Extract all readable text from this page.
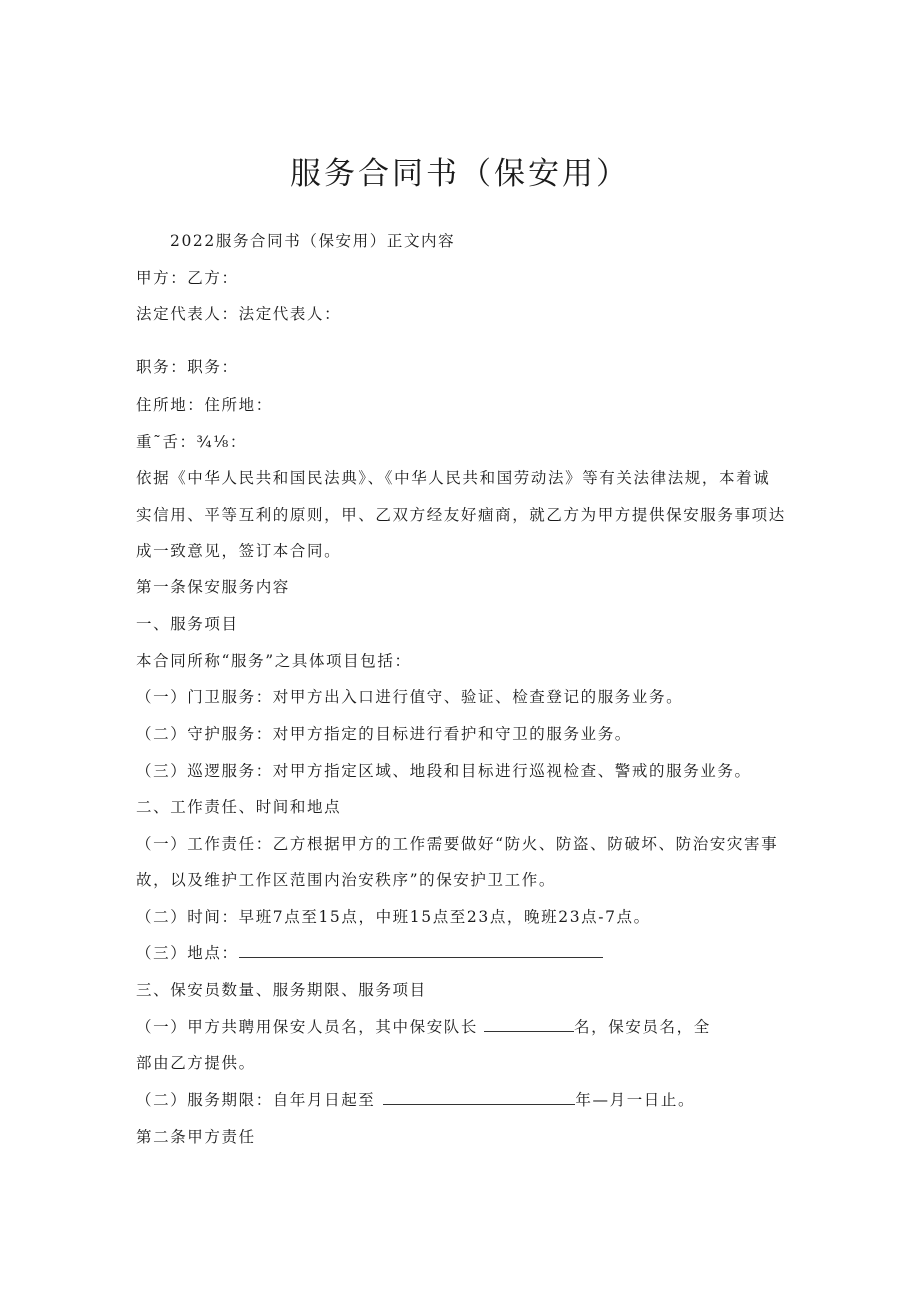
服务合同书（保安用）
2022服务合同书（保安用）正文内容
甲方：乙方：
法定代表人：法定代表人：
职务：职务：
住所地：住所地：
重˜舌：¾⅛：
依据《中华人民共和国民法典》、《中华人民共和国劳动法》等有关法律法规，本着诚
实信用、平等互利的原则，甲、乙双方经友好痼商，就乙方为甲方提供保安服务事项达
成一致意见，签订本合同。
第一条保安服务内容
一、服务项目
本合同所称“服务”之具体项目包括：
（一）门卫服务：对甲方出入口进行值守、验证、检查登记的服务业务。
（二）守护服务：对甲方指定的目标进行看护和守卫的服务业务。
（三）巡逻服务：对甲方指定区域、地段和目标进行巡视检查、警戒的服务业务。
二、工作责任、时间和地点
（一）工作责任：乙方根据甲方的工作需要做好“防火、防盗、防破坏、防治安灾害事
故，以及维护工作区范围内治安秩序”的保安护卫工作。
（二）时间：早班7点至15点，中班15点至23点，晚班23点-7点。
（三）地点：
三、保安员数量、服务期限、服务项目
（一）甲方共聘用保安人员名，其中保安队长	名，保安员名，全
部由乙方提供。
（二）服务期限：自年月日起至	年—月一日止。
第二条甲方责任
